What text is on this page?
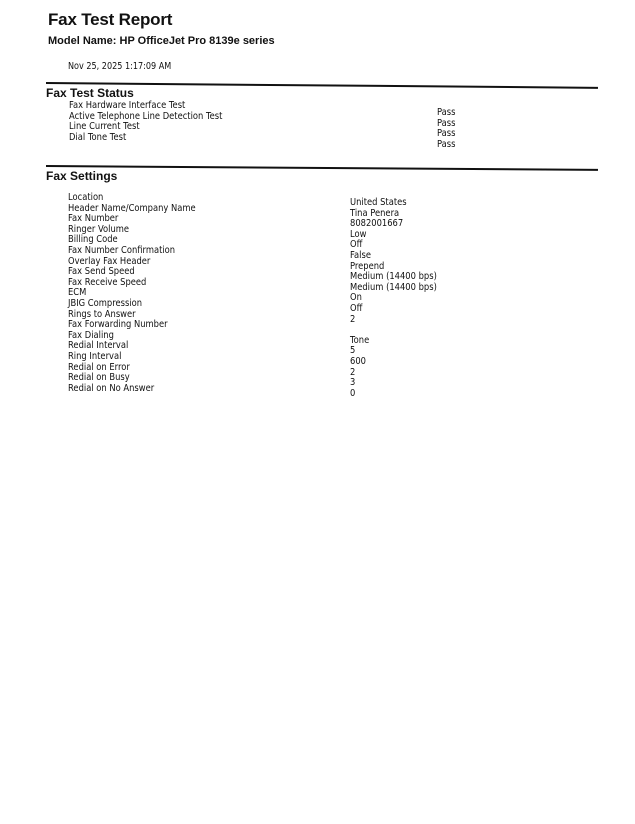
Fax Test Report
Model Name: HP OfficeJet Pro 8139e series
Nov 25, 2025 1:17:09 AM
Fax Test Status
Fax Hardware Interface Test
Active Telephone Line Detection Test
Line Current Test
Dial Tone Test
Pass
Pass
Pass
Pass
Fax Settings
Location
Header Name/Company Name
Fax Number
Ringer Volume
Billing Code
Fax Number Confirmation
Overlay Fax Header
Fax Send Speed
Fax Receive Speed
ECM
JBIG Compression
Rings to Answer
Fax Forwarding Number
Fax Dialing
Redial Interval
Ring Interval
Redial on Error
Redial on Busy
Redial on No Answer
United States
Tina Penera
8082001667
Low
Off
False
Prepend
Medium (14400 bps)
Medium (14400 bps)
On
Off
2
Tone
5
600
2
3
0
